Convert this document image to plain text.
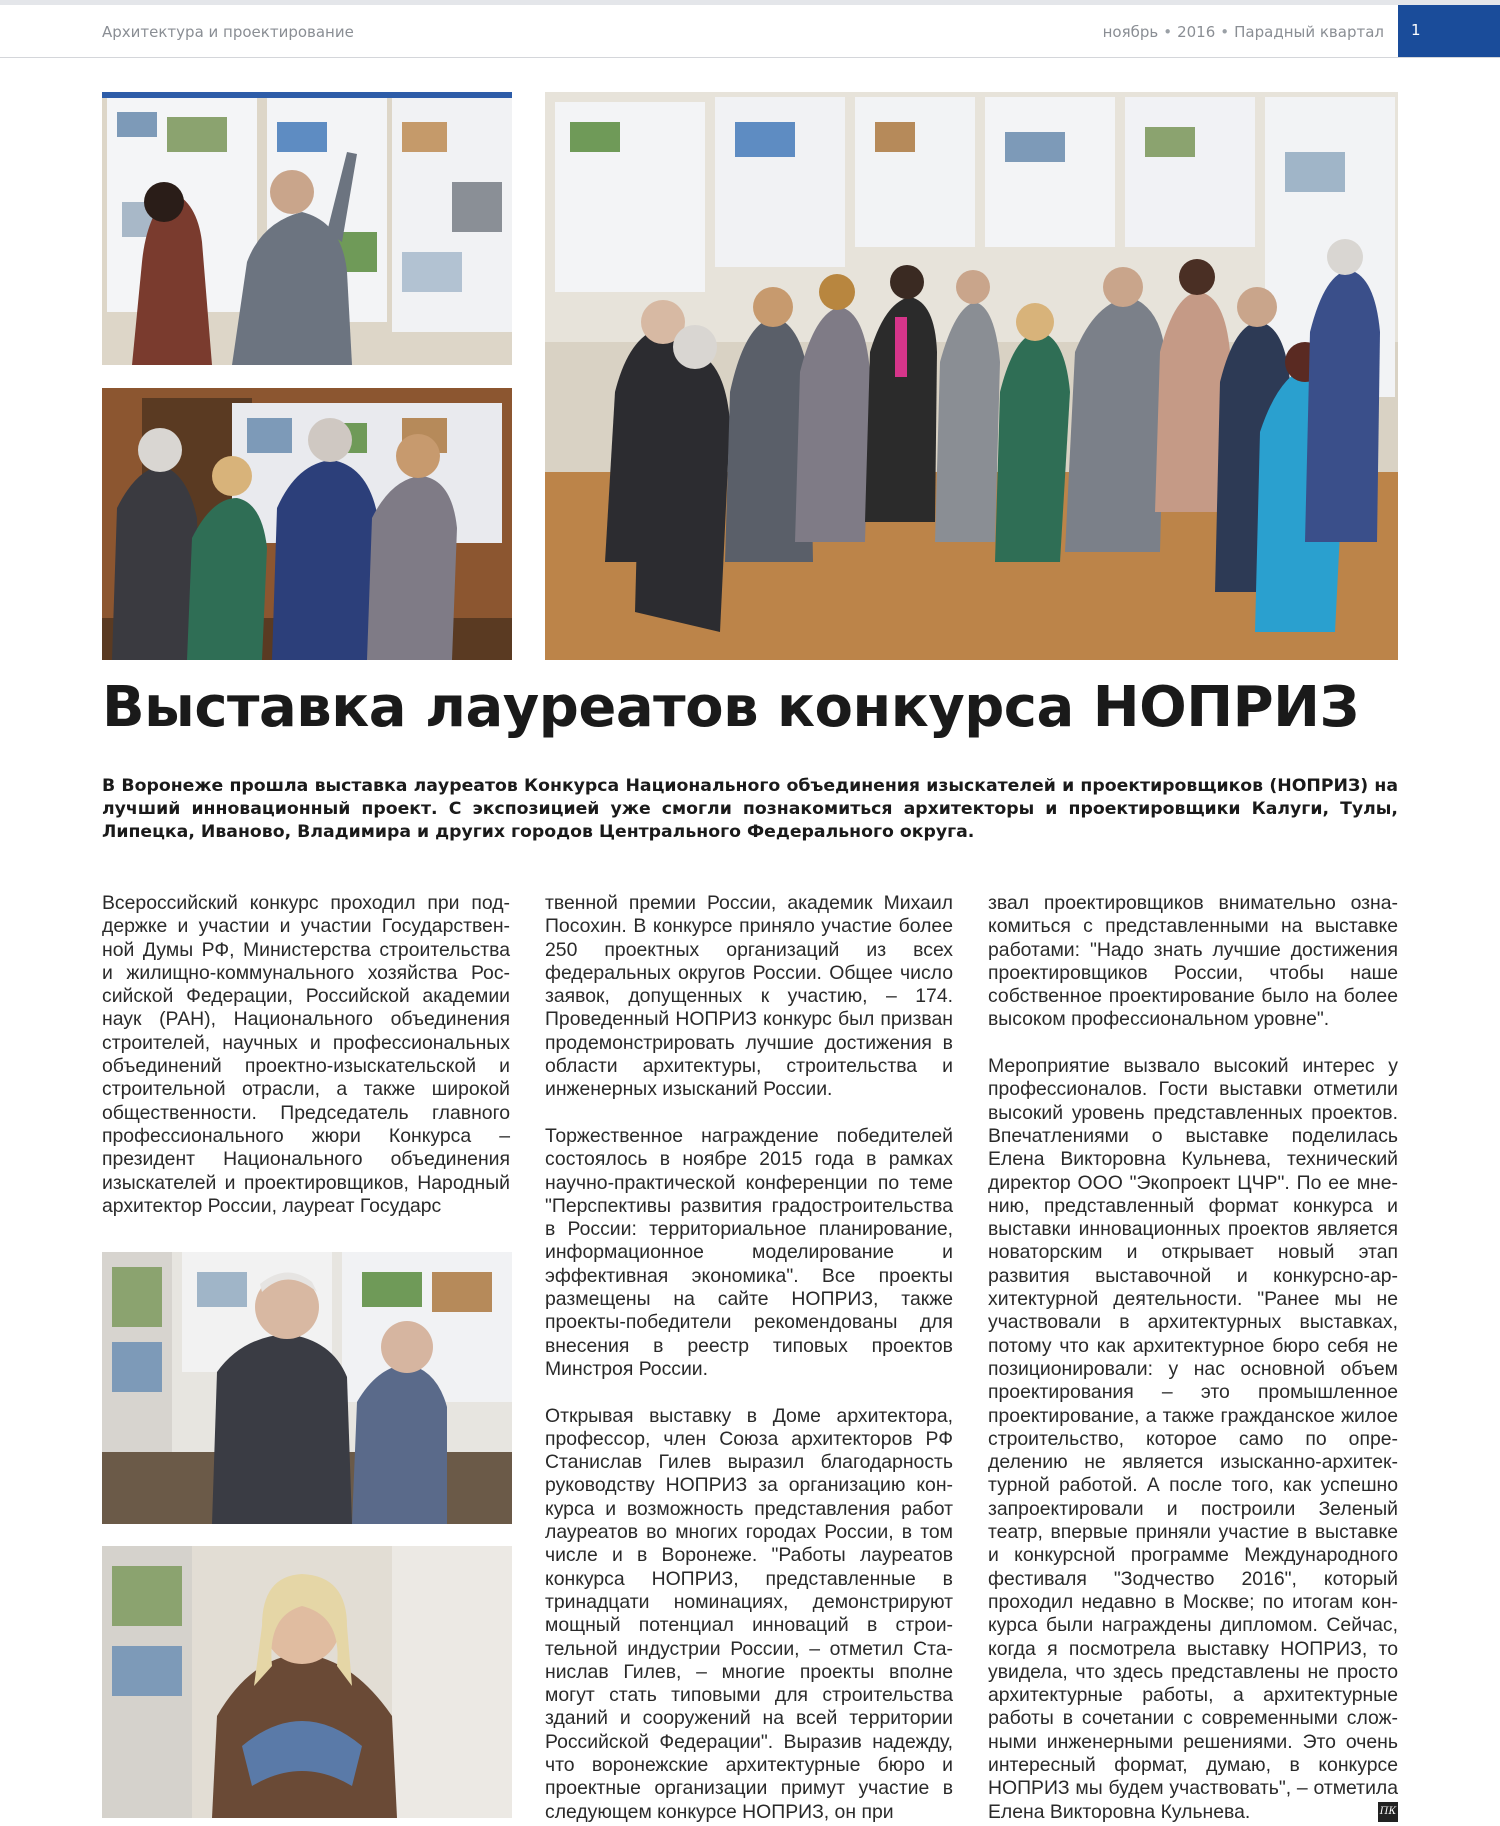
Архитектура и проектирование	ноябрь • 2016 • Парадный квартал	1
Выставка лауреатов конкурса НОПРИЗ

В Воронеже прошла выставка лауреатов Конкурса Национального объединения изыскателей и проектировщиков (НОПРИЗ) на лучший инновационный проект. С экспозицией уже смогли познакомиться архитекторы и проектировщики Калуги, Тулы, Липецка, Иваново, Владимира и других городов Центрального Федерального округа.

Всероссийский конкурс проходил при поддержке и участии и участии Государственной Думы РФ, Министерства строительства и жилищно-коммунального хозяйства Российской Федерации, Российской академии наук (РАН), Национального объединения строителей, научных и профессиональных объединений проектно-изыскательской и строительной отрасли, а также широкой общественности. Председатель главного профессионального жюри Конкурса – президент Национального объединения изыскателей и проектировщиков, Народный архитектор России, лауреат Государс

твенной премии России, академик Михаил Посохин. В конкурсе приняло участие более 250 проектных организаций из всех федеральных округов России. Общее число заявок, допущенных к участию, – 174. Проведенный НОПРИЗ конкурс был призван продемонстрировать лучшие достижения в области архитектуры, строительства и инженерных изысканий России.

Торжественное награждение победителей состоялось в ноябре 2015 года в рамках научно-практической конференции по теме "Перспективы развития градостроительства в России: территориальное планирование, информационное моделирование и эффективная экономика". Все проекты размещены на сайте НОПРИЗ, также проекты-победители рекомендованы для внесения в реестр типовых проектов Минстроя России.

Открывая выставку в Доме архитектора, профессор, член Союза архитекторов РФ Станислав Гилев выразил благодарность руководству НОПРИЗ за организацию конкурса и возможность представления работ лауреатов во многих городах России, в том числе и в Воронеже. "Работы лауреатов конкурса НОПРИЗ, представленные в тринадцати номинациях, демонстрируют мощный потенциал инноваций в строительной индустрии России, – отметил Станислав Гилев, – многие проекты вполне могут стать типовыми для строительства зданий и сооружений на всей территории Российской Федерации". Выразив надежду, что воронежские архитектурные бюро и проектные организации примут участие в следующем конкурсе НОПРИЗ, он при

звал проектировщиков внимательно ознакомиться с представленными на выставке работами: "Надо знать лучшие достижения проектировщиков России, чтобы наше собственное проектирование было на более высоком профессиональном уровне".

Мероприятие вызвало высокий интерес у профессионалов. Гости выставки отметили высокий уровень представленных проектов. Впечатлениями о выставке поделилась Елена Викторовна Кульнева, технический директор ООО "Экопроект ЦЧР". По ее мнению, представленный формат конкурса и выставки инновационных проектов является новаторским и открывает новый этап развития выставочной и конкурсно-архитектурной деятельности. "Ранее мы не участвовали в архитектурных выставках, потому что как архитектурное бюро себя не позиционировали: у нас основной объем проектирования – это промышленное проектирование, а также гражданское жилое строительство, которое само по определению не является изысканно-архитектурной работой. А после того, как успешно запроектировали и построили Зеленый театр, впервые приняли участие в выставке и конкурсной программе Международного фестиваля "Зодчество 2016", который проходил недавно в Москве; по итогам конкурса были награждены дипломом. Сейчас, когда я посмотрела выставку НОПРИЗ, то увидела, что здесь представлены не просто архитектурные работы, а архитектурные работы в сочетании с современными сложными инженерными решениями. Это очень интересный формат, думаю, в конкурсе НОПРИЗ мы будем участвовать", – отметила Елена Викторовна Кульнева.	ПК
